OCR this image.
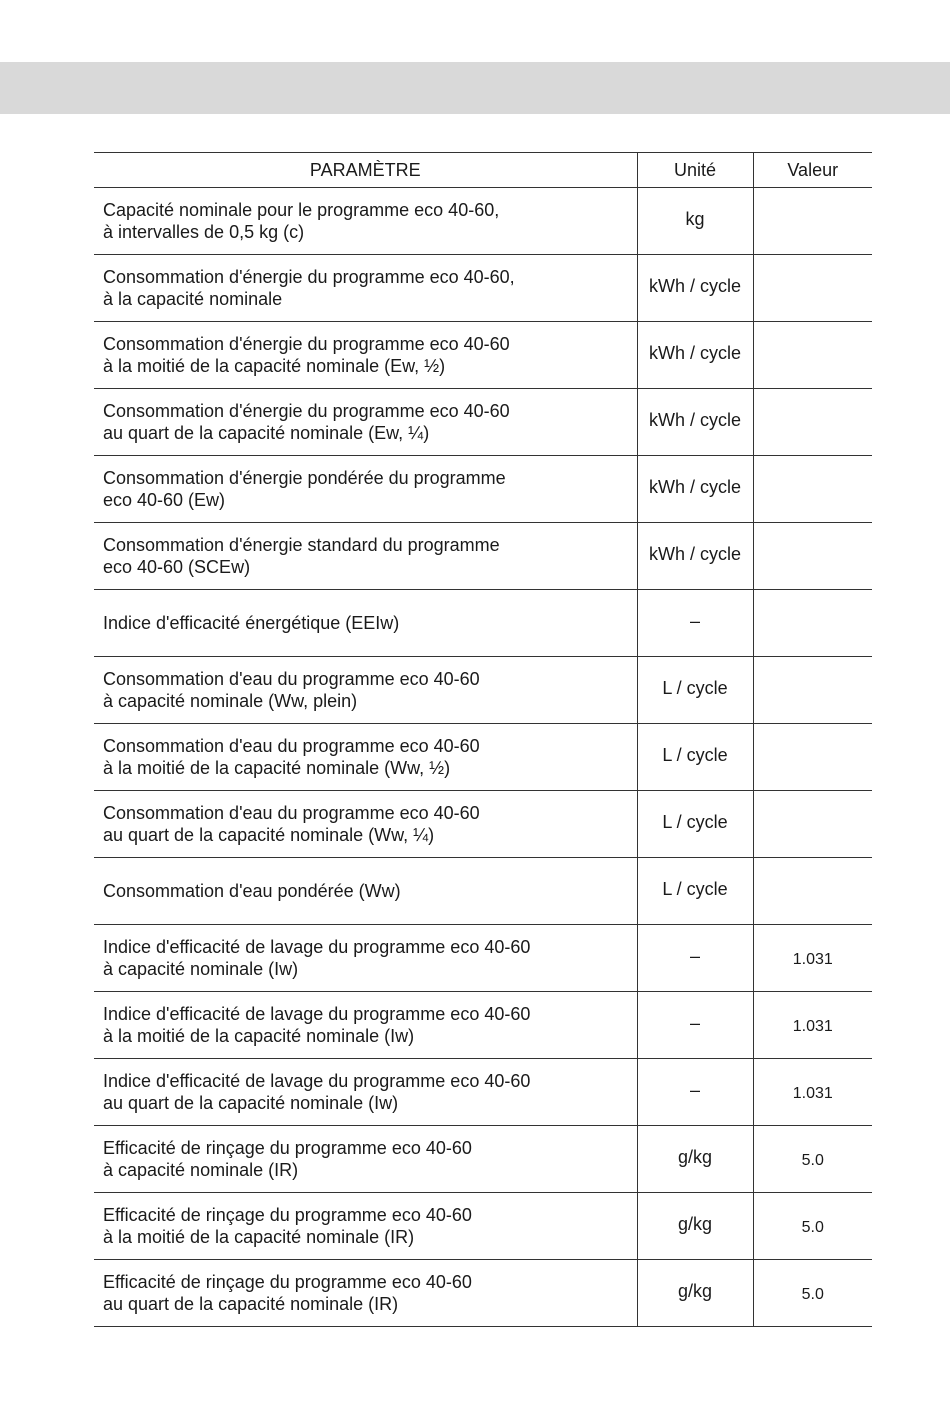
PARAMÈTRE	Unité	Valeur

Capacité nominale pour le programme eco 40-60,
à intervalles de 0,5 kg (c)	kg	

Consommation d'énergie du programme eco 40-60,
à la capacité nominale	kWh / cycle	

Consommation d'énergie du programme eco 40-60
à la moitié de la capacité nominale (Ew, ½)	kWh / cycle	

Consommation d'énergie du programme eco 40-60
au quart de la capacité nominale (Ew, ¼)	kWh / cycle	

Consommation d'énergie pondérée du programme
eco 40-60 (Ew)	kWh / cycle	

Consommation d'énergie standard du programme
eco 40-60 (SCEw)	kWh / cycle	

Indice d'efficacité énergétique (EEIw)	–	

Consommation d'eau du programme eco 40-60
à capacité nominale (Ww, plein)	L / cycle	

Consommation d'eau du programme eco 40-60
à la moitié de la capacité nominale (Ww, ½)	L / cycle	

Consommation d'eau du programme eco 40-60
au quart de la capacité nominale (Ww, ¼)	L / cycle	

Consommation d'eau pondérée (Ww)	L / cycle	

Indice d'efficacité de lavage du programme eco 40-60
à capacité nominale (Iw)	–	1.031

Indice d'efficacité de lavage du programme eco 40-60
à la moitié de la capacité nominale (Iw)	–	1.031

Indice d'efficacité de lavage du programme eco 40-60
au quart de la capacité nominale (Iw)	–	1.031

Efficacité de rinçage du programme eco 40-60
à capacité nominale (IR)	g/kg	5.0

Efficacité de rinçage du programme eco 40-60
à la moitié de la capacité nominale (IR)	g/kg	5.0

Efficacité de rinçage du programme eco 40-60
au quart de la capacité nominale (IR)	g/kg	5.0
